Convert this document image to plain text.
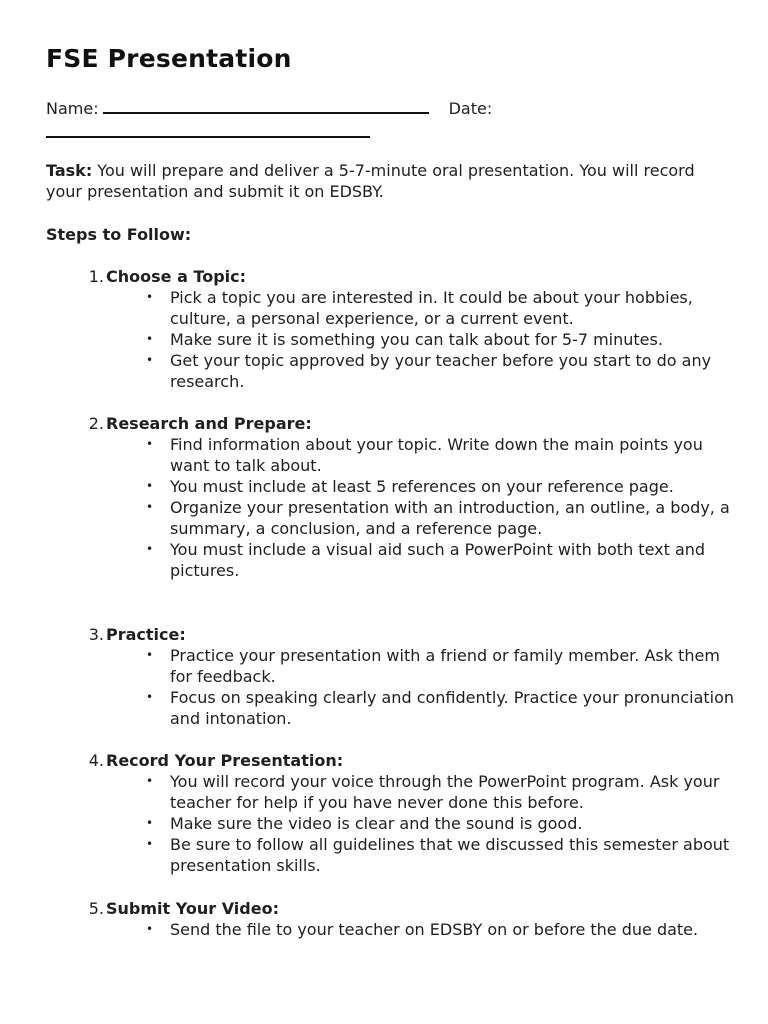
FSE Presentation
Name:	Date:

Task: You will prepare and deliver a 5-7-minute oral presentation. You will record your presentation and submit it on EDSBY.

Steps to Follow:

1. Choose a Topic:

• Pick a topic you are interested in. It could be about your hobbies, culture, a personal experience, or a current event.
• Make sure it is something you can talk about for 5-7 minutes.
• Get your topic approved by your teacher before you start to do any research.

2. Research and Prepare:

• Find information about your topic. Write down the main points you want to talk about.
• You must include at least 5 references on your reference page.
• Organize your presentation with an introduction, an outline, a body, a summary, a conclusion, and a reference page.
• You must include a visual aid such a PowerPoint with both text and pictures.

3. Practice:

• Practice your presentation with a friend or family member. Ask them for feedback.
• Focus on speaking clearly and confidently. Practice your pronunciation and intonation.

4. Record Your Presentation:

• You will record your voice through the PowerPoint program. Ask your teacher for help if you have never done this before.
• Make sure the video is clear and the sound is good.
• Be sure to follow all guidelines that we discussed this semester about presentation skills.

5. Submit Your Video:

• Send the file to your teacher on EDSBY on or before the due date.
